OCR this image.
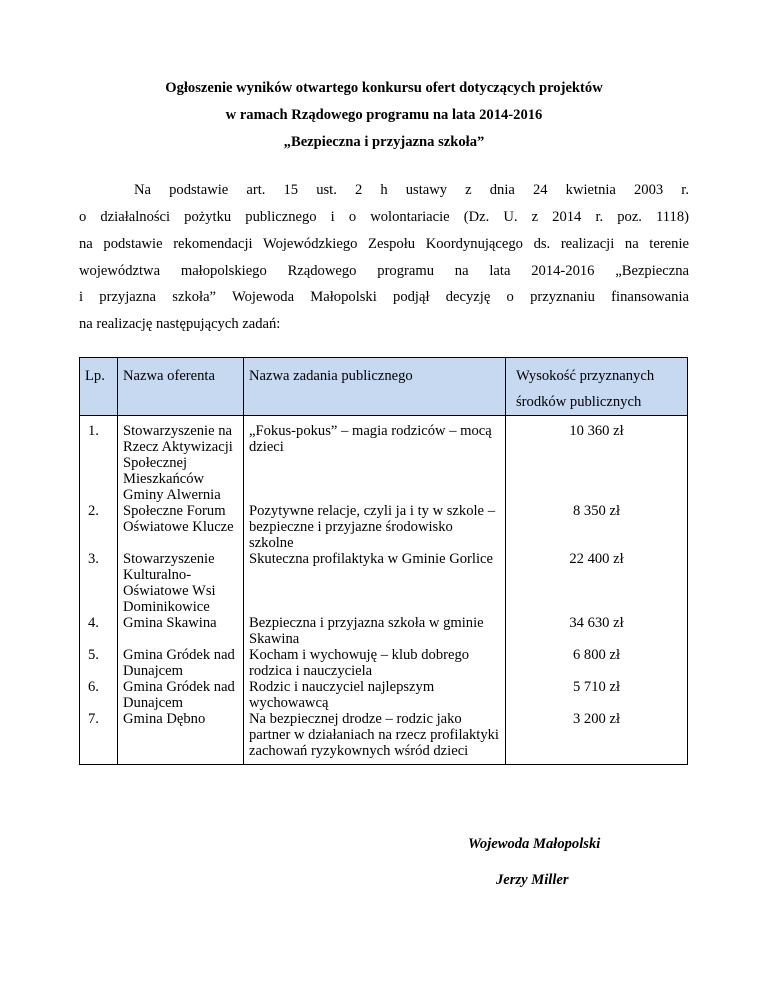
Ogłoszenie wyników otwartego konkursu ofert dotyczących projektów
w ramach Rządowego programu na lata 2014-2016
„Bezpieczna i przyjazna szkoła”
Na podstawie art. 15 ust. 2 h ustawy z dnia 24 kwietnia 2003 r.
o działalności pożytku publicznego i o wolontariacie (Dz. U. z 2014 r. poz. 1118)
na podstawie rekomendacji Wojewódzkiego Zespołu Koordynującego ds. realizacji na terenie
województwa małopolskiego Rządowego programu na lata 2014-2016 „Bezpieczna
i przyjazna szkoła” Wojewoda Małopolski podjął decyzję o przyznaniu finansowania
na realizację następujących zadań:
Lp.	Nazwa oferenta	Nazwa zadania publicznego	Wysokość przyznanych środków publicznych
1.	Stowarzyszenie na Rzecz Aktywizacji Społecznej Mieszkańców Gminy Alwernia	„Fokus-pokus” – magia rodziców – mocą dzieci	10 360 zł
2.	Społeczne Forum Oświatowe Klucze	Pozytywne relacje, czyli ja i ty w szkole – bezpieczne i przyjazne środowisko szkolne	8 350 zł
3.	Stowarzyszenie Kulturalno-Oświatowe Wsi Dominikowice	Skuteczna profilaktyka w Gminie Gorlice	22 400 zł
4.	Gmina Skawina	Bezpieczna i przyjazna szkoła w gminie Skawina	34 630 zł
5.	Gmina Gródek nad Dunajcem	Kocham i wychowuję – klub dobrego rodzica i nauczyciela	6 800 zł
6.	Gmina Gródek nad Dunajcem	Rodzic i nauczyciel najlepszym wychowawcą	5 710 zł
7.	Gmina Dębno	Na bezpiecznej drodze – rodzic jako partner w działaniach na rzecz profilaktyki zachowań ryzykownych wśród dzieci	3 200 zł
Wojewoda Małopolski
Jerzy Miller
